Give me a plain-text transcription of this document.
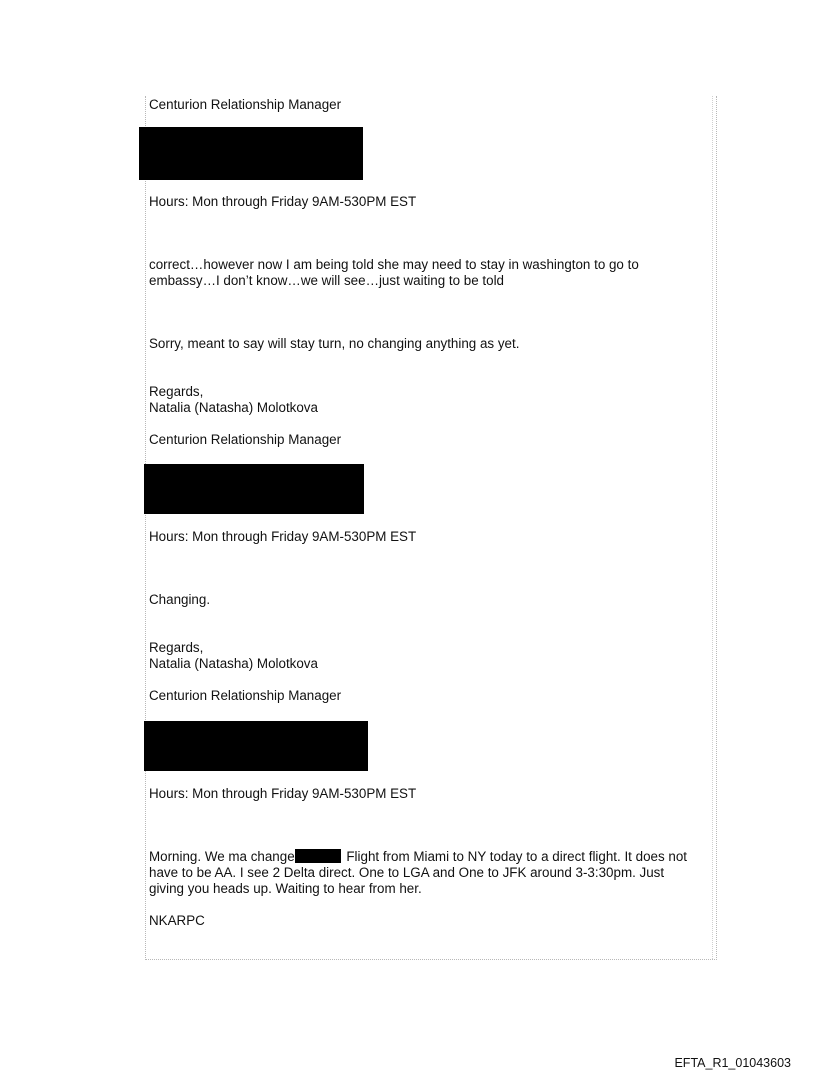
Centurion Relationship Manager

Hours: Mon through Friday 9AM-530PM EST

correct…however now I am being told she may need to stay in washington to go to

embassy…I don’t know…we will see…just waiting to be told

Sorry, meant to say will stay turn, no changing anything as yet.

Regards,

Natalia (Natasha) Molotkova

Centurion Relationship Manager

Hours: Mon through Friday 9AM-530PM EST

Changing.

Regards,

Natalia (Natasha) Molotkova

Centurion Relationship Manager

Hours: Mon through Friday 9AM-530PM EST

Morning. We ma change	Flight from Miami to NY today to a direct flight. It does not

have to be AA. I see 2 Delta direct. One to LGA and One to JFK around 3-3:30pm. Just

giving you heads up. Waiting to hear from her.

NKARPC

EFTA_R1_01043603
